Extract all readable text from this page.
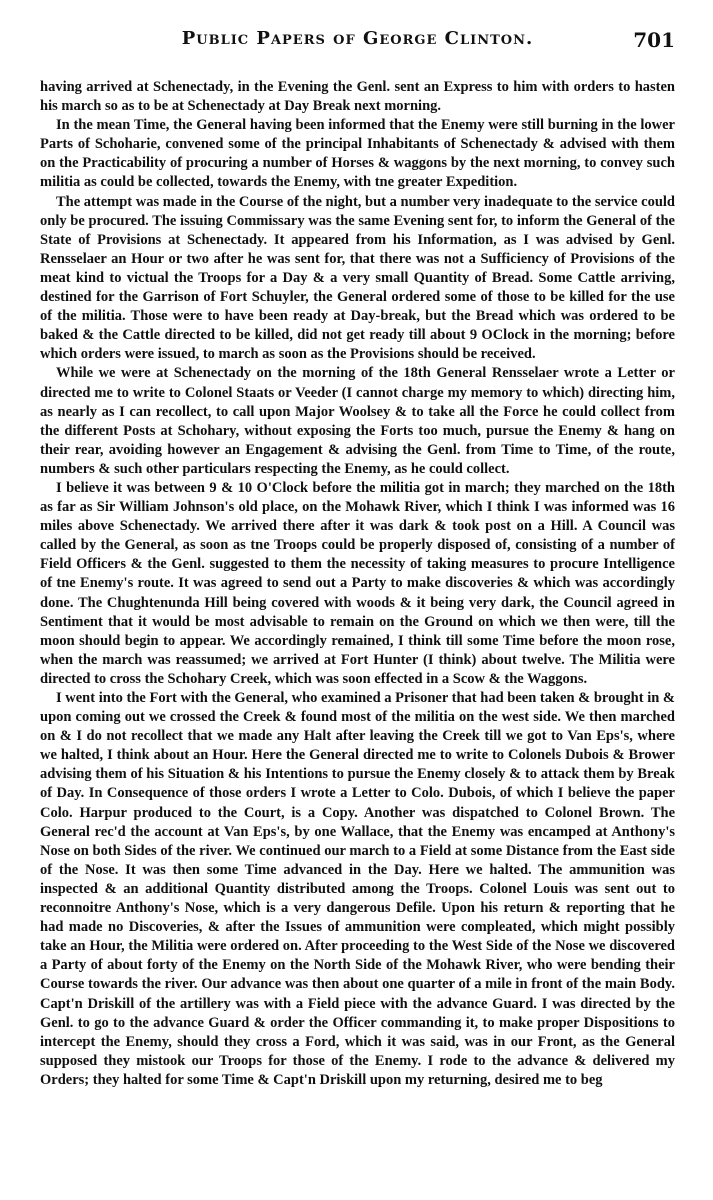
Public Papers of George Clinton.	701

having arrived at Schenectady, in the Evening the Genl. sent an Express to him with orders to hasten his march so as to be at Schenectady at Day Break next morning.

In the mean Time, the General having been informed that the Enemy were still burning in the lower Parts of Schoharie, convened some of the principal Inhabitants of Schenectady & advised with them on the Practicability of procuring a number of Horses & waggons by the next morning, to convey such militia as could be collected, towards the Enemy, with tne greater Expedition.

The attempt was made in the Course of the night, but a number very inadequate to the service could only be procured. The issuing Commissary was the same Evening sent for, to inform the General of the State of Provisions at Schenectady. It appeared from his Information, as I was advised by Genl. Rensselaer an Hour or two after he was sent for, that there was not a Sufficiency of Provisions of the meat kind to victual the Troops for a Day & a very small Quantity of Bread. Some Cattle arriving, destined for the Garrison of Fort Schuyler, the General ordered some of those to be killed for the use of the militia. Those were to have been ready at Day-break, but the Bread which was ordered to be baked & the Cattle directed to be killed, did not get ready till about 9 OClock in the morning; before which orders were issued, to march as soon as the Provisions should be received.

While we were at Schenectady on the morning of the 18th General Rensselaer wrote a Letter or directed me to write to Colonel Staats or Veeder (I cannot charge my memory to which) directing him, as nearly as I can recollect, to call upon Major Woolsey & to take all the Force he could collect from the different Posts at Schohary, without exposing the Forts too much, pursue the Enemy & hang on their rear, avoiding however an Engagement & advising the Genl. from Time to Time, of the route, numbers & such other particulars respecting the Enemy, as he could collect.

I believe it was between 9 & 10 O'Clock before the militia got in march; they marched on the 18th as far as Sir William Johnson's old place, on the Mohawk River, which I think I was informed was 16 miles above Schenectady. We arrived there after it was dark & took post on a Hill. A Council was called by the General, as soon as tne Troops could be properly disposed of, consisting of a number of Field Officers & the Genl. suggested to them the necessity of taking measures to procure Intelligence of tne Enemy's route. It was agreed to send out a Party to make discoveries & which was accordingly done. The Chughtenunda Hill being covered with woods & it being very dark, the Council agreed in Sentiment that it would be most advisable to remain on the Ground on which we then were, till the moon should begin to appear. We accordingly remained, I think till some Time before the moon rose, when the march was reassumed; we arrived at Fort Hunter (I think) about twelve. The Militia were directed to cross the Schohary Creek, which was soon effected in a Scow & the Waggons.

I went into the Fort with the General, who examined a Prisoner that had been taken & brought in & upon coming out we crossed the Creek & found most of the militia on the west side. We then marched on & I do not recollect that we made any Halt after leaving the Creek till we got to Van Eps's, where we halted, I think about an Hour. Here the General directed me to write to Colonels Dubois & Brower advising them of his Situation & his Intentions to pursue the Enemy closely & to attack them by Break of Day. In Consequence of those orders I wrote a Letter to Colo. Dubois, of which I believe the paper Colo. Harpur produced to the Court, is a Copy. Another was dispatched to Colonel Brown. The General rec'd the account at Van Eps's, by one Wallace, that the Enemy was encamped at Anthony's Nose on both Sides of the river. We continued our march to a Field at some Distance from the East side of the Nose. It was then some Time advanced in the Day. Here we halted. The ammunition was inspected & an additional Quantity distributed among the Troops. Colonel Louis was sent out to reconnoitre Anthony's Nose, which is a very dangerous Defile. Upon his return & reporting that he had made no Discoveries, & after the Issues of ammunition were compleated, which might possibly take an Hour, the Militia were ordered on. After proceeding to the West Side of the Nose we discovered a Party of about forty of the Enemy on the North Side of the Mohawk River, who were bending their Course towards the river. Our advance was then about one quarter of a mile in front of the main Body. Capt'n Driskill of the artillery was with a Field piece with the advance Guard. I was directed by the Genl. to go to the advance Guard & order the Officer commanding it, to make proper Dispositions to intercept the Enemy, should they cross a Ford, which it was said, was in our Front, as the General supposed they mistook our Troops for those of the Enemy. I rode to the advance & delivered my Orders; they halted for some Time & Capt'n Driskill upon my returning, desired me to beg
